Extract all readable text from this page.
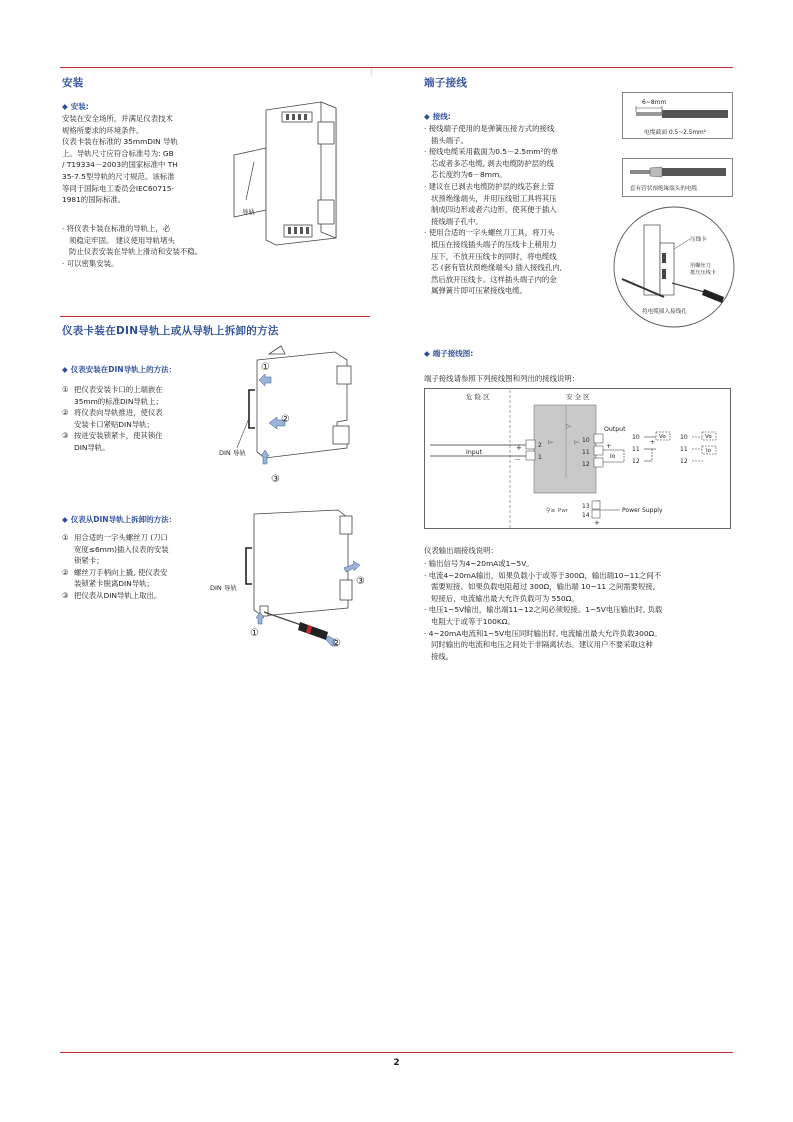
安装
◆ 安装:

安装在安全场所，并满足仪表技术

规格所要求的环境条件。

仪表卡装在标准的 35mmDIN 导轨

上。导轨尺寸应符合标准号为: GB

/ T19334－2003的国家标准中 TH

35-7.5型导轨的尺寸规范。该标准

等同于国际电工委员会IEC60715-

1981的国际标准。

· 将仪表卡装在标准的导轨上，必

须稳定牢固。 建议使用导轨堵头

防止仪表安装在导轨上滑动和安装不稳。

· 可以密集安装。

导轨
仪表卡装在DIN导轨上或从导轨上拆卸的方法
◆ 仪表安装在DIN导轨上的方法：
① 把仪表安装卡口的上端嵌在

35mm的标准DIN导轨上；

② 将仪表向导轨推进，使仪表

安装卡口紧贴DIN导轨；

③ 按进安装锁紧卡，使其锁住

DIN导轨。

DIN 导轨
①
②
③
◆ 仪表从DIN导轨上拆卸的方法：
① 用合适的一字头螺丝刀 (刀口

宽度≤6mm)插入仪表的安装

锁紧卡；

② 螺丝刀手柄向上撬, 使仪表安

装锁紧卡脱离DIN导轨；

③ 把仪表从DIN导轨上取出。

DIN 导轨
③
①
②
端子接线
◆ 接线:

· 接线端子使用的是弹簧压接方式的接线

插头端子。

· 接线电缆采用截面为0.5－2.5mm²的单

芯或者多芯电缆, 剥去电缆防护层的线

芯长度约为6－8mm。

· 建议在已剥去电缆防护层的线芯套上管

状预绝缘端头，并用压线钳工具将其压

制成四边形或者六边形，使其便于插入

接线端子孔中。

· 使用合适的一字头螺丝刀工具，将刀头

抵压在接线插头端子的压线卡上稍用力

压下，不放开压线卡的同时，将电缆线

芯 (套有管状预绝缘端头) 插入接线孔内,

然后放开压线卡。这样插头端子内的金

属弹簧片即可压紧接线电缆。

6~8mm
电缆截面 0.5~2.5mm²
套有管状预绝缘端头的电缆
压线卡
用螺丝刀
抵压压线卡
将电缆插入接线孔
◆ 端子接线图:
端子接线请参照下列接线图和列出的接线说明：
危 险 区	安 全 区
▻	▻
▷
Input
+
－
2
1
Output
10
11
12
+
Io
10
11
12
Vo
+
10
11
12
Vo
Io
13
14
－
+
Power Supply
⚲≥ Pwr
仪表输出端接线说明：

· 输出信号为4~20mA或1~5V。

· 电流4~20mA输出，如果负载小于或等于300Ω，输出端10~11之间不

需要短接。如果负载电阻超过 300Ω，输出端 10~11 之间需要短接。

短接后，电流输出最大允许负载可为 550Ω。

· 电压1~5V输出，输出端11~12之间必须短接。1~5V电压输出时, 负载

电阻大于或等于100KΩ。

· 4~20mA电流和1~5V电压同时输出时, 电流输出最大允许负载300Ω。

同时输出的电流和电压之间处于非隔离状态。建议用户不要采取这种

接线。

2
